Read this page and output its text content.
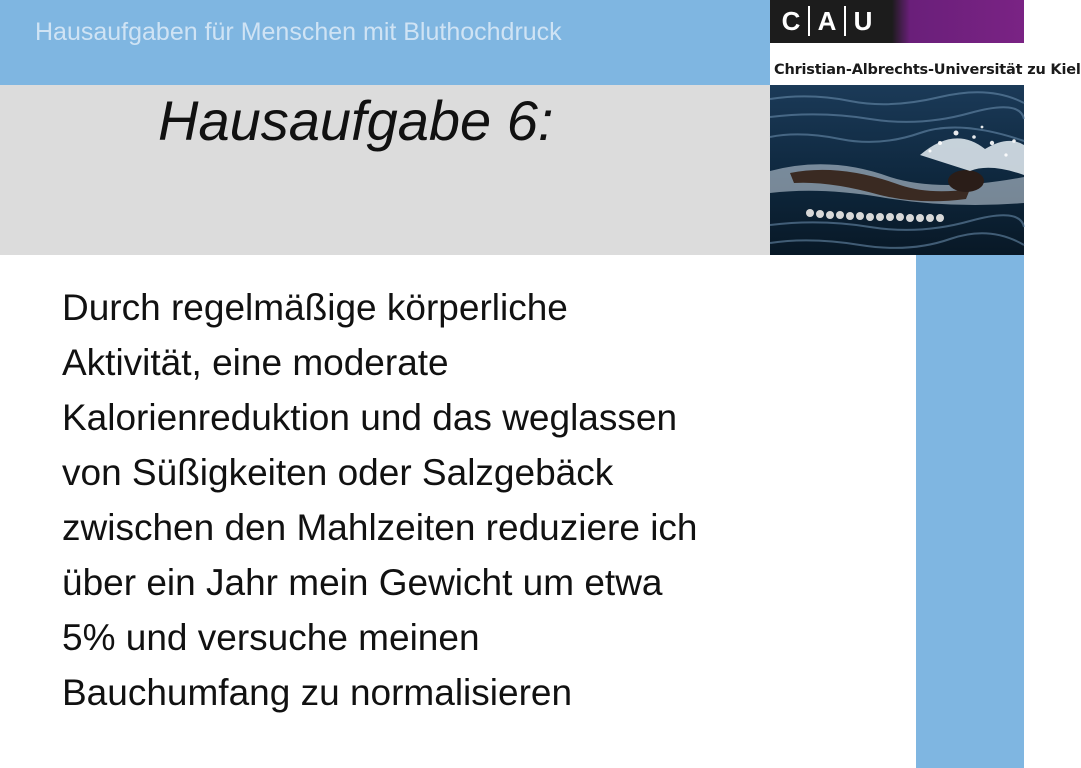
Hausaufgaben für Menschen mit Bluthochdruck
Hausaufgabe 6:
C A U
Christian-Albrechts-Universität zu Kiel
Durch regelmäßige körperliche
Aktivität, eine moderate
Kalorienreduktion und das weglassen
von Süßigkeiten oder Salzgebäck
zwischen den Mahlzeiten reduziere ich
über ein Jahr mein Gewicht um etwa
5% und versuche meinen
Bauchumfang zu normalisieren
